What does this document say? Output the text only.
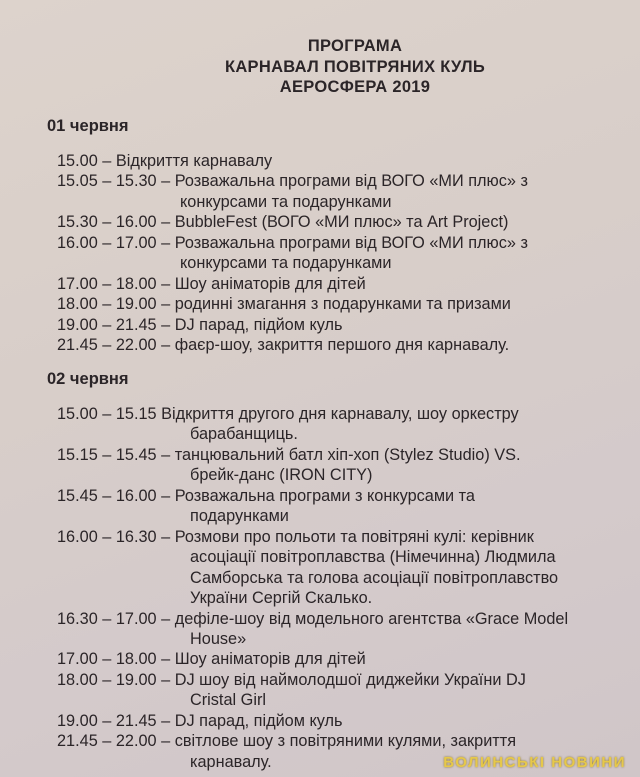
ПРОГРАМА
КАРНАВАЛ ПОВІТРЯНИХ КУЛЬ
АЕРОСФЕРА 2019
01 червня
15.00 – Відкриття карнавалу
15.05 – 15.30 – Розважальна програми від ВОГО «МИ плюс» з
конкурсами та подарунками
15.30 – 16.00 – BubbleFest (ВОГО «МИ плюс» та Art Project)
16.00 – 17.00 – Розважальна програми від ВОГО «МИ плюс» з
конкурсами та подарунками
17.00 – 18.00 – Шоу аніматорів для дітей
18.00 – 19.00 – родинні змагання з подарунками та призами
19.00 – 21.45 – DJ парад, підйом куль
21.45 – 22.00 – фаєр-шоу, закриття першого дня карнавалу.
02 червня
15.00 – 15.15 Відкриття другого дня карнавалу, шоу оркестру
барабанщиць.
15.15 – 15.45 – танцювальний батл хіп-хоп (Stylez Studio) VS.
брейк-данс (IRON CITY)
15.45 – 16.00 – Розважальна програми з конкурсами та
подарунками
16.00 – 16.30 – Розмови про польоти та повітряні кулі: керівник
асоціації повітроплавства (Німечинна) Людмила
Самборська та голова асоціації повітроплавство
України Сергій Скалько.
16.30 – 17.00 – дефіле-шоу від модельного агентства «Grace Model
House»
17.00 – 18.00 – Шоу аніматорів для дітей
18.00 – 19.00 – DJ шоу від наймолодшої диджейки України DJ
Cristal Girl
19.00 – 21.45 – DJ парад, підйом куль
21.45 – 22.00 – світлове шоу з повітряними кулями, закриття
карнавалу.	ВОЛИНСЬКІ НОВИНИ
